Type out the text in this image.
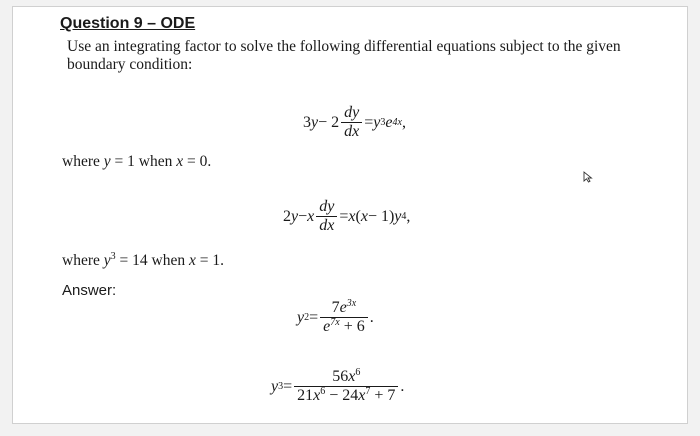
Question 9 – ODE
Use an integrating factor to solve the following differential equations subject to the given boundary condition:
3 $y - 2 \frac{dy}{dx} = y$ 3 e 4x ,
where y = 1 when x = 0.
2 y − x $\frac{dy}{dx} = x$ ( x − 1) y 4 ,
where $y^3 = 14$ when x = 1.
Answer:
y $2 = \frac{7e^{3x}}{e^{7x} + 6}$ .
y $3 = \frac{56x^6}{21x^6 - 24x^7 + 7}$ .
